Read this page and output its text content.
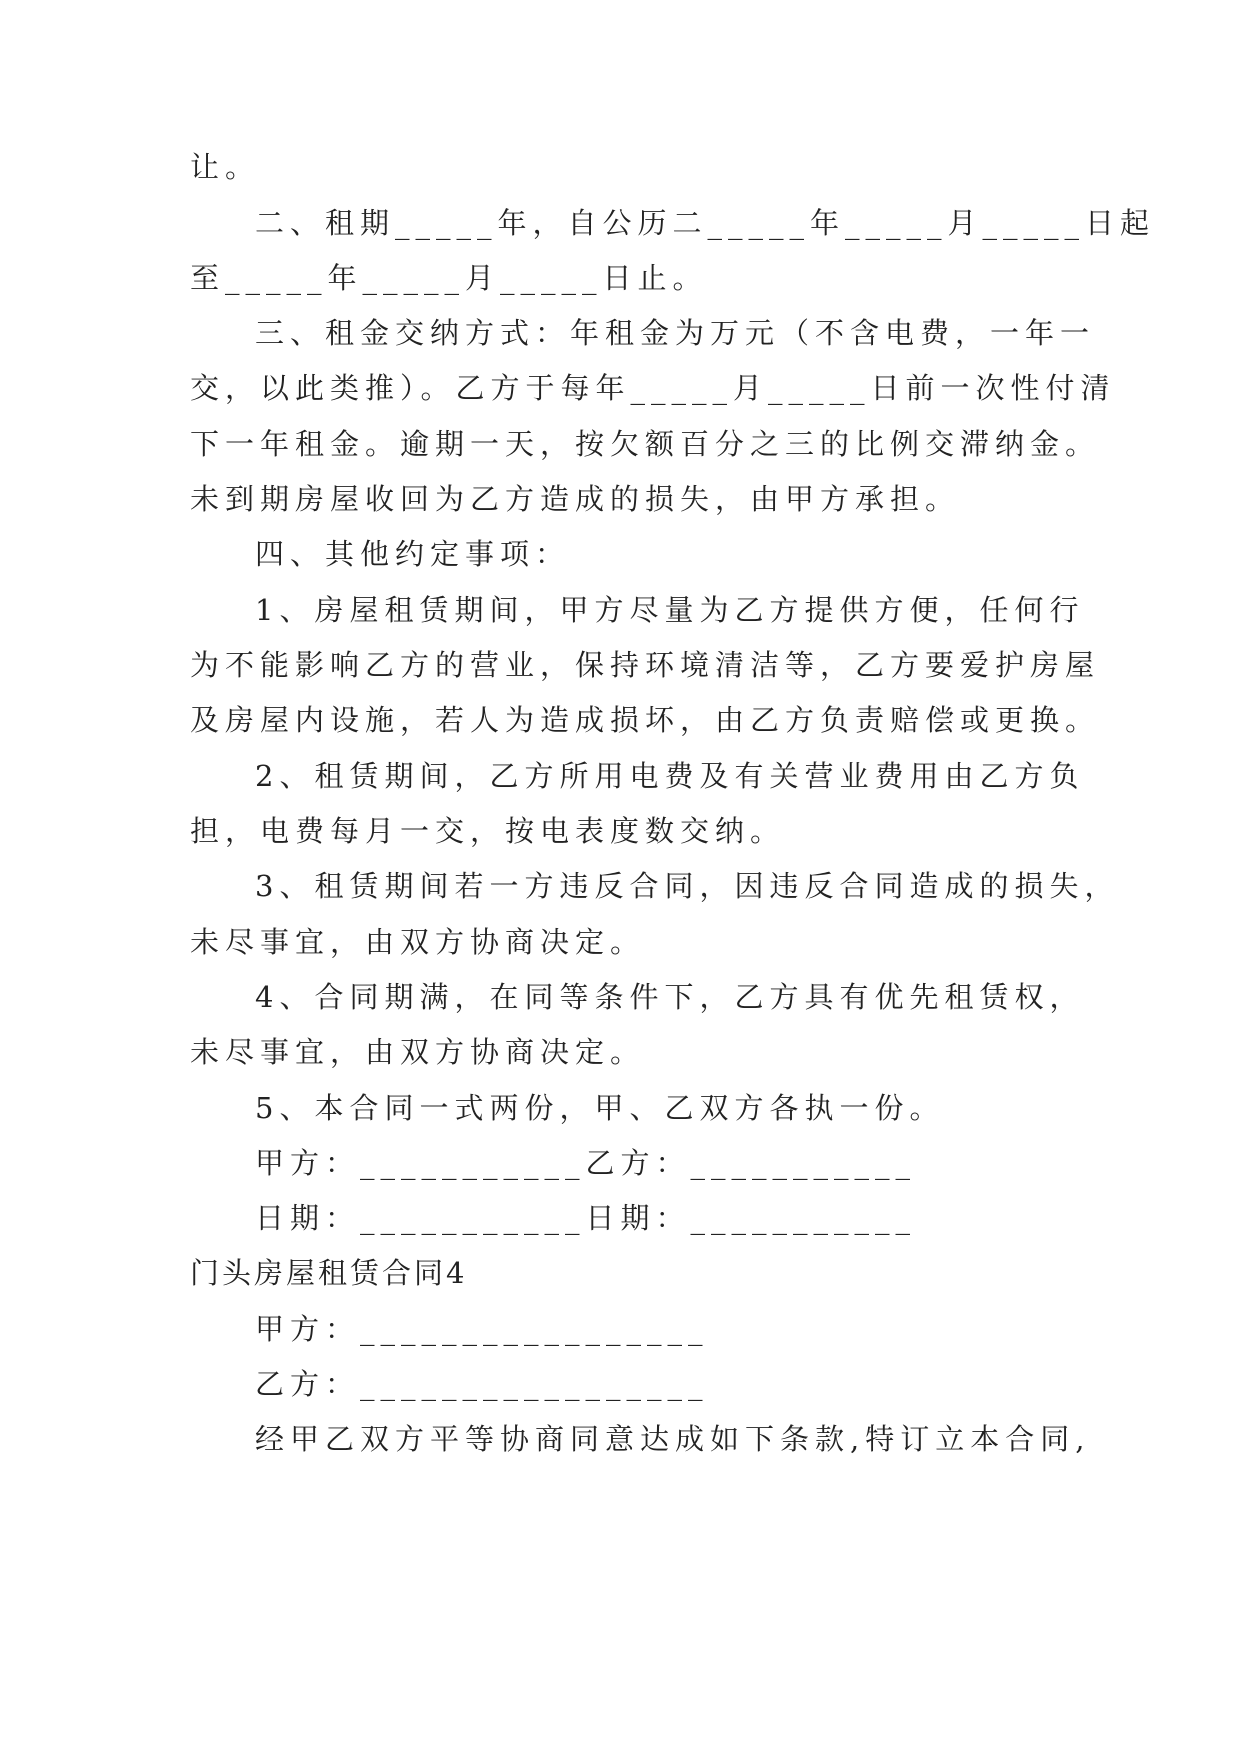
让。
二、租期_____年，自公历二_____年_____月_____日起
至_____年_____月_____日止。
三、租金交纳方式：年租金为万元（不含电费，一年一
交，以此类推）。乙方于每年_____月_____日前一次性付清
下一年租金。逾期一天，按欠额百分之三的比例交滞纳金。
未到期房屋收回为乙方造成的损失，由甲方承担。
四、其他约定事项：
1、房屋租赁期间，甲方尽量为乙方提供方便，任何行
为不能影响乙方的营业，保持环境清洁等，乙方要爱护房屋
及房屋内设施，若人为造成损坏，由乙方负责赔偿或更换。
2、租赁期间，乙方所用电费及有关营业费用由乙方负
担，电费每月一交，按电表度数交纳。
3、租赁期间若一方违反合同，因违反合同造成的损失，
未尽事宜，由双方协商决定。
4、合同期满，在同等条件下，乙方具有优先租赁权，
未尽事宜，由双方协商决定。
5、本合同一式两份，甲、乙双方各执一份。
甲方：___________乙方：___________
日期：___________日期：___________
门头房屋租赁合同4
甲方：_________________
乙方：_________________
经甲乙双方平等协商同意达成如下条款,特订立本合同,
